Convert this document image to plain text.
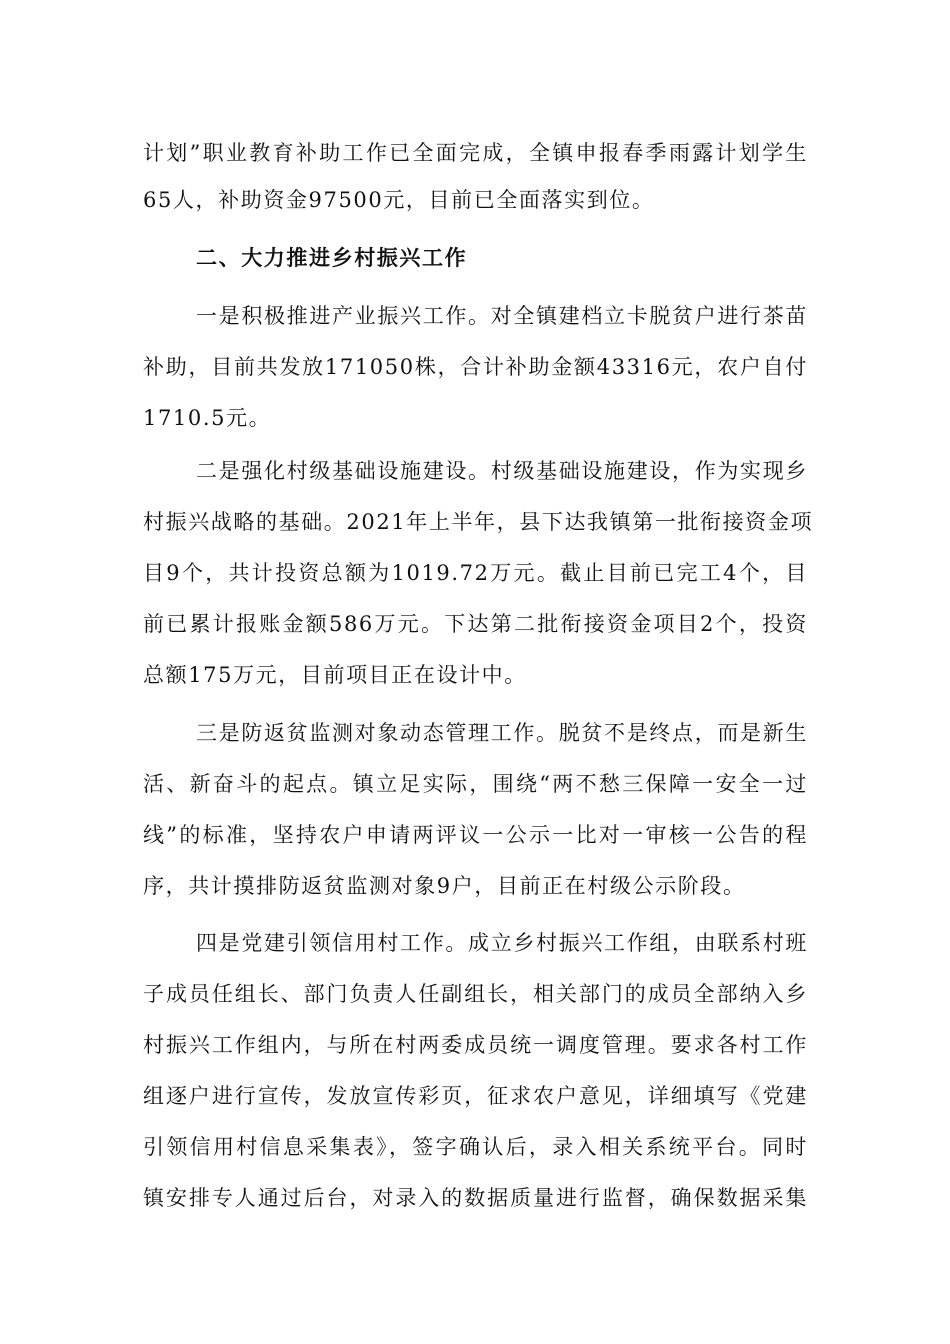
计划”职业教育补助工作已全面完成，全镇申报春季雨露计划学生
65人，补助资金97500元，目前已全面落实到位。
二、大力推进乡村振兴工作
一是积极推进产业振兴工作。对全镇建档立卡脱贫户进行茶苗
补助，目前共发放171050株，合计补助金额43316元，农户自付
1710.5元。
二是强化村级基础设施建设。村级基础设施建设，作为实现乡
村振兴战略的基础。2021年上半年，县下达我镇第一批衔接资金项
目9个，共计投资总额为1019.72万元。截止目前已完工4个，目
前已累计报账金额586万元。下达第二批衔接资金项目2个，投资
总额175万元，目前项目正在设计中。
三是防返贫监测对象动态管理工作。脱贫不是终点，而是新生
活、新奋斗的起点。镇立足实际，围绕“两不愁三保障一安全一过
线”的标准，坚持农户申请两评议一公示一比对一审核一公告的程
序，共计摸排防返贫监测对象9户，目前正在村级公示阶段。
四是党建引领信用村工作。成立乡村振兴工作组，由联系村班
子成员任组长、部门负责人任副组长，相关部门的成员全部纳入乡
村振兴工作组内，与所在村两委成员统一调度管理。要求各村工作
组逐户进行宣传，发放宣传彩页，征求农户意见，详细填写《党建
引领信用村信息采集表》，签字确认后，录入相关系统平台。同时
镇安排专人通过后台，对录入的数据质量进行监督，确保数据采集
